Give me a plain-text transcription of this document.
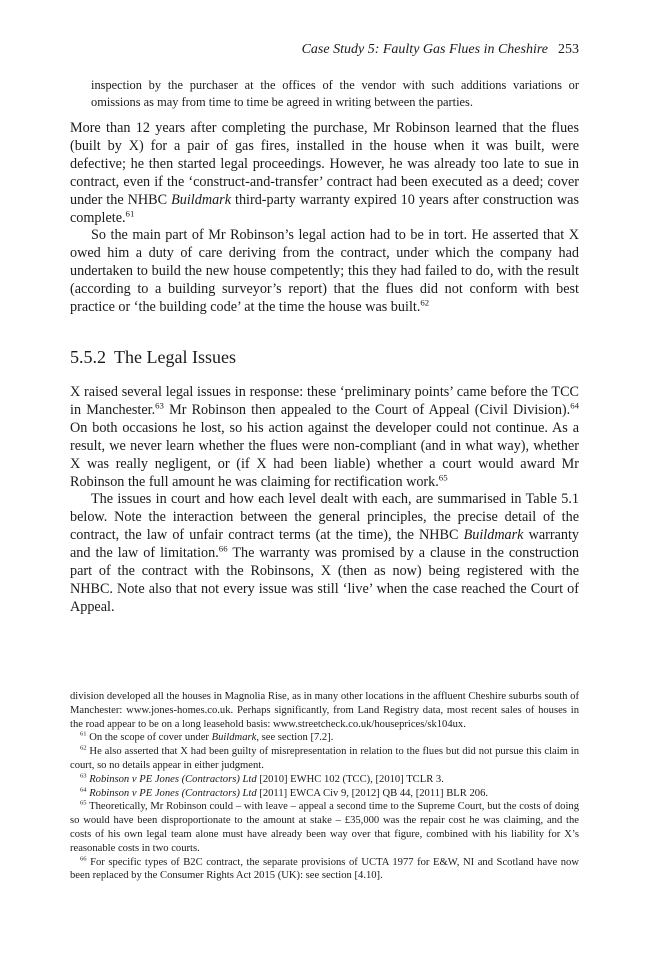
Case Study 5: Faulty Gas Flues in Cheshire 253
inspection by the purchaser at the offices of the vendor with such additions variations or omissions as may from time to time be agreed in writing between the parties.

More than 12 years after completing the purchase, Mr Robinson learned that the flues (built by X) for a pair of gas fires, installed in the house when it was built, were defective; he then started legal proceedings. However, he was already too late to sue in contract, even if the ‘construct-and-transfer’ contract had been executed as a deed; cover under the NHBC Buildmark third-party warranty expired 10 years after construction was complete.$^{61}$

So the main part of Mr Robinson’s legal action had to be in tort. He asserted that X owed him a duty of care deriving from the contract, under which the company had undertaken to build the new house competently; this they had failed to do, with the result (according to a building surveyor’s report) that the flues did not conform with best practice or ‘the building code’ at the time the house was built.$^{62}$

5.5.2 The Legal Issues

X raised several legal issues in response: these ‘preliminary points’ came before the TCC in Manchester.$^{63}$ Mr Robinson then appealed to the Court of Appeal (Civil Division).$^{64}$ On both occasions he lost, so his action against the developer could not continue. As a result, we never learn whether the flues were non-compliant (and in what way), whether X was really negligent, or (if X had been liable) whether a court would award Mr Robinson the full amount he was claiming for rectification work.$^{65}$

The issues in court and how each level dealt with each, are summarised in Table 5.1 below. Note the interaction between the general principles, the precise detail of the contract, the law of unfair contract terms (at the time), the NHBC Buildmark warranty and the law of limitation.$^{66}$ The warranty was promised by a clause in the construction part of the contract with the Robinsons, X (then as now) being registered with the NHBC. Note also that not every issue was still ‘live’ when the case reached the Court of Appeal.

division developed all the houses in Magnolia Rise, as in many other locations in the affluent Cheshire suburbs south of Manchester: www.jones-homes.co.uk. Perhaps significantly, from Land Registry data, most recent sales of houses in the road appear to be on a long leasehold basis: www.streetcheck.co.uk/houseprices/sk104ux.

$^{61}$ On the scope of cover under Buildmark, see section [7.2].

$^{62}$ He also asserted that X had been guilty of misrepresentation in relation to the flues but did not pursue this claim in court, so no details appear in either judgment.

$^{63}$ Robinson v PE Jones (Contractors) Ltd [2010] EWHC 102 (TCC), [2010] TCLR 3.

$^{64}$ Robinson v PE Jones (Contractors) Ltd [2011] EWCA Civ 9, [2012] QB 44, [2011] BLR 206.

$^{65}$ Theoretically, Mr Robinson could – with leave – appeal a second time to the Supreme Court, but the costs of doing so would have been disproportionate to the amount at stake – £35,000 was the repair cost he was claiming, and the costs of his own legal team alone must have already been way over that figure, combined with his liability for X’s reasonable costs in two courts.

$^{66}$ For specific types of B2C contract, the separate provisions of UCTA 1977 for E&W, NI and Scotland have now been replaced by the Consumer Rights Act 2015 (UK): see section [4.10].
